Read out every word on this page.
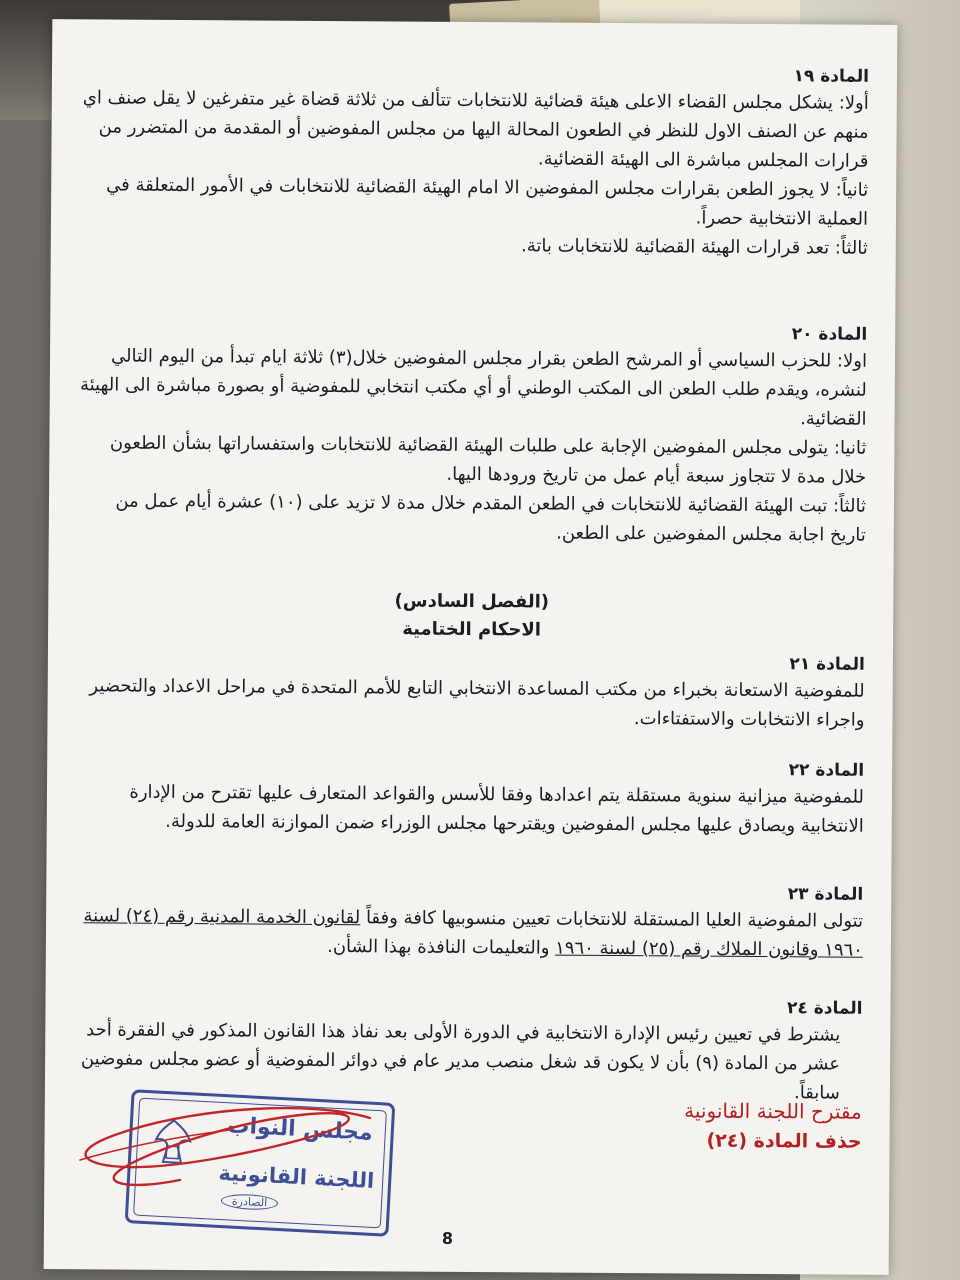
المادة ١٩
أولا: يشكل مجلس القضاء الاعلى هيئة قضائية للانتخابات تتألف من ثلاثة قضاة غير متفرغين لا يقل صنف اي منهم عن الصنف الاول للنظر في الطعون المحالة اليها من مجلس المفوضين أو المقدمة من المتضرر من قرارات المجلس مباشرة الى الهيئة القضائية.
ثانياً: لا يجوز الطعن بقرارات مجلس المفوضين الا امام الهيئة القضائية للانتخابات في الأمور المتعلقة في العملية الانتخابية حصراً.
ثالثاً: تعد قرارات الهيئة القضائية للانتخابات باتة.
المادة ٢٠
اولا: للحزب السياسي أو المرشح الطعن بقرار مجلس المفوضين خلال(٣) ثلاثة ايام تبدأ من اليوم التالي لنشره، ويقدم طلب الطعن الى المكتب الوطني أو أي مكتب انتخابي للمفوضية أو بصورة مباشرة الى الهيئة القضائية.
ثانيا: يتولى مجلس المفوضين الإجابة على طلبات الهيئة القضائية للانتخابات واستفساراتها بشأن الطعون خلال مدة لا تتجاوز سبعة أيام عمل من تاريخ ورودها اليها.
ثالثاً: تبت الهيئة القضائية للانتخابات في الطعن المقدم خلال مدة لا تزيد على (١٠) عشرة أيام عمل من تاريخ اجابة مجلس المفوضين على الطعن.
(الفصل السادس)
الاحكام الختامية
المادة ٢١
للمفوضية الاستعانة بخبراء من مكتب المساعدة الانتخابي التابع للأمم المتحدة في مراحل الاعداد والتحضير واجراء الانتخابات والاستفتاءات.
المادة ٢٢
للمفوضية ميزانية سنوية مستقلة يتم اعدادها وفقا للأسس والقواعد المتعارف عليها تقترح من الإدارة الانتخابية ويصادق عليها مجلس المفوضين ويقترحها مجلس الوزراء ضمن الموازنة العامة للدولة.
المادة ٢٣
تتولى المفوضية العليا المستقلة للانتخابات تعيين منسوبيها كافة وفقاً لقانون الخدمة المدنية رقم (٢٤) لسنة ١٩٦٠ وقانون الملاك رقم (٢٥) لسنة ١٩٦٠ والتعليمات النافذة بهذا الشأن.
المادة ٢٤
يشترط في تعيين رئيس الإدارة الانتخابية في الدورة الأولى بعد نفاذ هذا القانون المذكور في الفقرة أحد عشر من المادة (٩) بأن لا يكون قد شغل منصب مدير عام في دوائر المفوضية أو عضو مجلس مفوضين سابقاً.
مقترح اللجنة القانونية
حذف المادة (٢٤)
8
مجلس النواب
اللجنة القانونية
الصادرة
